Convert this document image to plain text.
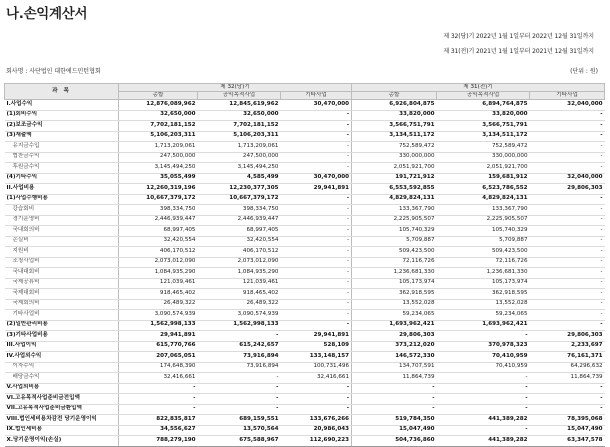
나.손익계산서
제 32(당)기 2022년 1월 1일부터 2022년 12월 31일까지
제 31(전)기 2021년 1월 1일부터 2021년 12월 31일까지
회사명 : 사단법인 대한에드민턴협회	(단위 : 원)
과 목	제 32(당)기			제 31(전)기		
	총합	공익목적사업	기타사업	총합	공익목적사업	기타사업
I.사업수익	12,876,089,962	12,845,619,962	30,470,000	6,926,804,875	6,894,764,875	32,040,000
(1)회비수익	32,650,000	32,650,000	-	33,820,000	33,820,000	-
(2)보조금수익	7,702,181,152	7,702,181,152	-	3,566,751,791	3,566,751,791	-
(3)재출액	5,106,203,311	5,106,203,311	-	3,134,511,172	3,134,511,172	-
유지금수입	1,713,209,061	1,713,209,061	-	752,589,472	752,589,472	-
협찬금수익	247,500,000	247,500,000	-	330,000,000	330,000,000	-
후원금수익	3,145,494,250	3,145,494,250	-	2,051,921,700	2,051,921,700	-
(4)기타수익	35,055,499	4,585,499	30,470,000	191,721,912	159,681,912	32,040,000
II.사업비용	12,260,319,196	12,230,377,305	29,941,891	6,553,592,855	6,523,786,552	29,806,303
(1)사업수행비용	10,667,379,172	10,667,379,172	-	4,829,824,131	4,829,824,131	-
강습회비	398,334,750	398,334,750	-	133,367,790	133,367,790	-
경기운영비	2,446,939,447	2,446,939,447	-	2,225,905,507	2,225,905,507	-
국내회의비	68,997,405	68,997,405	-	105,740,329	105,740,329	-
손실비	32,420,554	32,420,554	-	5,709,887	5,709,887	-
지원비	406,170,512	406,170,512	-	509,423,500	509,423,500	-
조청사업비	2,073,012,090	2,073,012,090	-	72,116,726	72,116,726	-
국내대회비	1,084,935,290	1,084,935,290	-	1,236,681,330	1,236,681,330	-
국제공류비	121,039,461	121,039,461	-	105,173,974	105,173,974	-
국제대회비	918,465,402	918,465,402	-	362,918,595	362,918,595	-
국제회의비	26,489,322	26,489,322	-	13,552,028	13,552,028	-
기타사업비	3,090,574,939	3,090,574,939	-	59,234,065	59,234,065	-
(2)일반관리비용	1,562,998,133	1,562,998,133	-	1,693,962,421	1,693,962,421	-
(3)기타사업비용	29,941,891	-	29,941,891	29,806,303	-	29,806,303
III.사업이익	615,770,766	615,242,657	528,109	373,212,020	370,978,323	2,233,697
IV.사업외수익	207,065,051	73,916,894	133,148,157	146,572,330	70,410,959	76,161,371
이자수익	174,648,390	73,916,894	100,731,496	134,707,591	70,410,959	64,296,632
배당금수익	32,416,661	-	32,416,661	11,864,739	-	11,864,739
V.사업외비용	-	-	-	-	-	-
VI.고유목적사업준비금전입액	-	-	-	-	-	-
VII.고유목적사업준비금환입액	-	-	-	-	-	-
VIII.법인세비용차감전 당기운영이익	822,835,817	689,159,551	133,676,266	519,784,350	441,389,282	78,395,068
IX.법인세비용	34,556,627	13,570,564	20,986,043	15,047,490	-	15,047,490
X.당기운영이익(손실)	788,279,190	675,588,967	112,690,223	504,736,860	441,389,282	63,347,578
